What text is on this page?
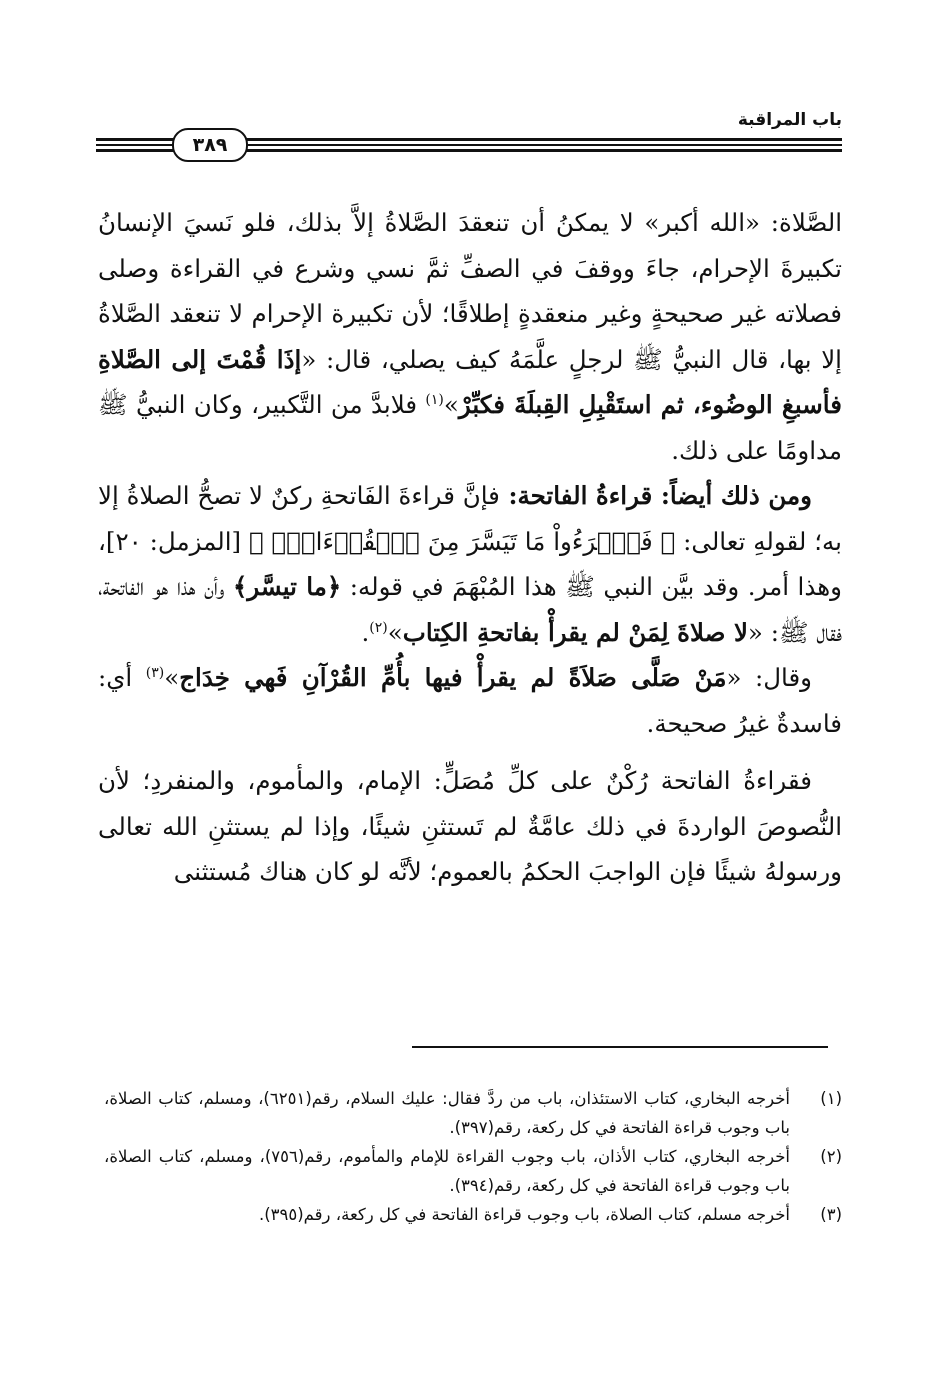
باب المراقبة
٣٨٩

الصَّلاة: «الله أكبر» لا يمكنُ أن تنعقدَ الصَّلاةُ إلاَّ بذلك، فلو نَسيَ الإنسانُ تكبيرةَ الإحرام، جاءَ ووقفَ في الصفِّ ثمَّ نسي وشرع في القراءة وصلى فصلاته غير صحيحةٍ وغير منعقدةٍ إطلاقًا؛ لأن تكبيرة الإحرام لا تنعقد الصَّلاةُ إلا بها، قال النبيُّ ﷺ لرجلٍ علَّمَهُ كيف يصلي، قال: «إذَا قُمْتَ إلى الصَّلاةِ فأسبغِ الوضُوء، ثم استَقْبِلِ القِبلَةَ فكبِّرْ»$^{(١)}$ فلابدَّ من التَّكبير، وكان النبيُّ ﷺ مداومًا على ذلك.

ومن ذلك أيضاً: قراءةُ الفاتحة: فإنَّ قراءةَ الفَاتحةِ ركنٌ لا تصحُّ الصلاةُ إلا به؛ لقولهِ تعالى: ﴿ فَٱقۡرَءُواْ مَا تَيَسَّرَ مِنَ ٱلۡقُرۡءَانِۚ ﴾ [المزمل: ٢٠]، وهذا أمر. وقد بيَّن النبي ﷺ هذا المُبْهَمَ في قوله: ﴿ما تيسَّر﴾ وأن هذا هو الفاتحة، فقال ﷺ: «لا صلاةَ لِمَنْ لم يقرأْ بفاتحةِ الكِتاب»$^{(٢)}$.

وقال: «مَنْ صَلَّى صَلاَةً لم يقرأْ فيها بأُمِّ القُرْآنِ فَهي خِدَاج»$^{(٣)}$ أي: فاسدةٌ غيرُ صحيحة.

فقراءةُ الفاتحة رُكْنٌ على كلِّ مُصَلٍّ: الإمام، والمأموم، والمنفردِ؛ لأن النُّصوصَ الواردةَ في ذلك عامَّةٌ لم تَستثنِ شيئًا، وإذا لم يستثنِ الله تعالى ورسولهُ شيئًا فإن الواجبَ الحكمُ بالعموم؛ لأنَّه لو كان هناك مُستثنى

(١)
أخرجه البخاري، كتاب الاستئذان، باب من ردَّ فقال: عليك السلام، رقم(٦٢٥١)، ومسلم، كتاب الصلاة، باب وجوب قراءة الفاتحة في كل ركعة، رقم(٣٩٧).
(٢)
أخرجه البخاري، كتاب الأذان، باب وجوب القراءة للإمام والمأموم، رقم(٧٥٦)، ومسلم، كتاب الصلاة، باب وجوب قراءة الفاتحة في كل ركعة، رقم(٣٩٤).
(٣)
أخرجه مسلم، كتاب الصلاة، باب وجوب قراءة الفاتحة في كل ركعة، رقم(٣٩٥).
